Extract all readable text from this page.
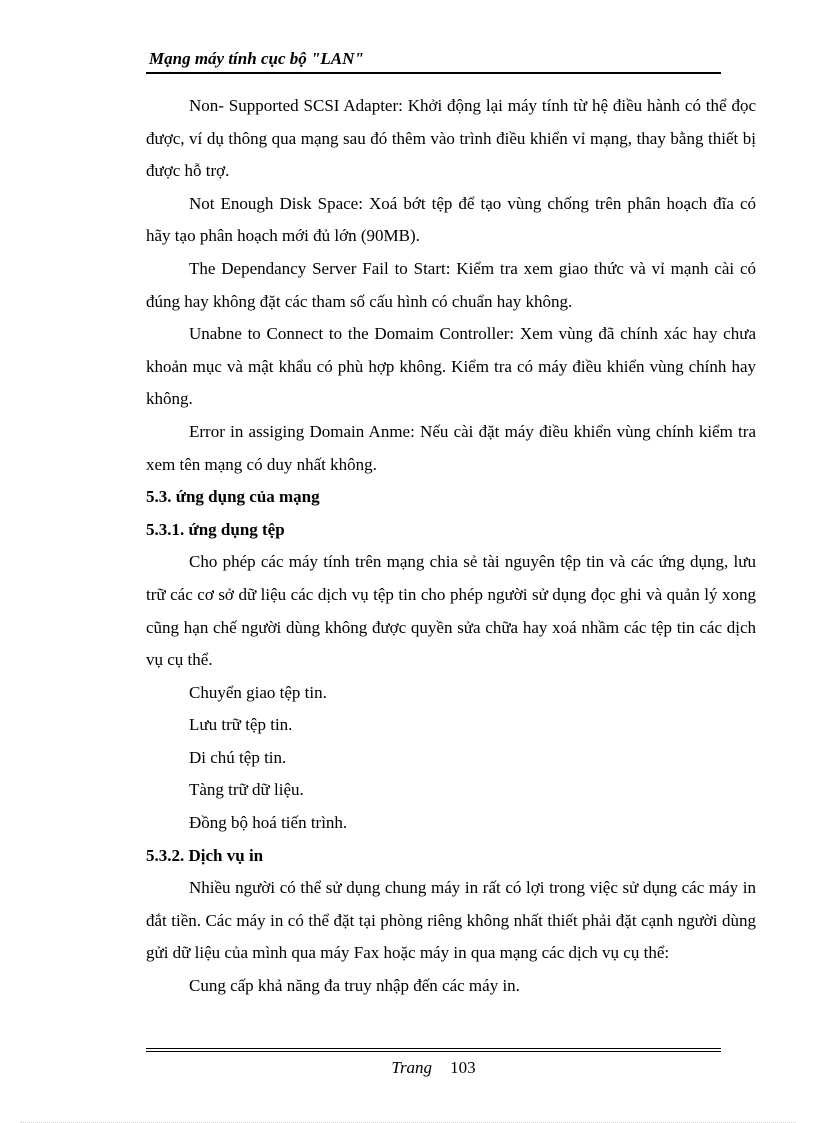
Mạng máy tính cục bộ "LAN"

Non- Supported SCSI Adapter: Khởi động lại máy tính từ hệ điều hành có thể đọc được, ví dụ thông qua mạng sau đó thêm vào trình điều khiển vỉ mạng, thay bằng thiết bị được hỗ trợ.

Not Enough Disk Space: Xoá bớt tệp để tạo vùng chống trên phân hoạch đĩa có hãy tạo phân hoạch mới đủ lớn (90MB).

The Dependancy Server Fail to Start: Kiểm tra xem giao thức và vỉ mạnh cài có đúng hay không đặt các tham số cấu hình có chuẩn hay không.

Unabne to Connect to the Domaim Controller: Xem vùng đã chính xác hay chưa khoản mục và mật khẩu có phù hợp không. Kiểm tra có máy điều khiển vùng chính hay không.

Error in assiging Domain Anme: Nếu cài đặt máy điều khiển vùng chính kiểm tra xem tên mạng có duy nhất không.

5.3. ứng dụng của mạng

5.3.1. ứng dụng tệp

Cho phép các máy tính trên mạng chia sẻ tài nguyên tệp tin và các ứng dụng, lưu trữ các cơ sở dữ liệu các dịch vụ tệp tin cho phép người sử dụng đọc ghi và quản lý xong cũng hạn chế người dùng không được quyền sửa chữa hay xoá nhầm các tệp tin các dịch vụ cụ thể.

Chuyển giao tệp tin.

Lưu trữ tệp tin.

Di chú tệp tin.

Tàng trữ dữ liệu.

Đồng bộ hoá tiến trình.

5.3.2. Dịch vụ in

Nhiều người có thể sử dụng chung máy in rất có lợi trong việc sử dụng các máy in đắt tiền. Các máy in có thể đặt tại phòng riêng không nhất thiết phải đặt cạnh người dùng gửi dữ liệu của mình qua máy Fax hoặc máy in qua mạng các dịch vụ cụ thể:

Cung cấp khả năng đa truy nhập đến các máy in.

Trang 103
